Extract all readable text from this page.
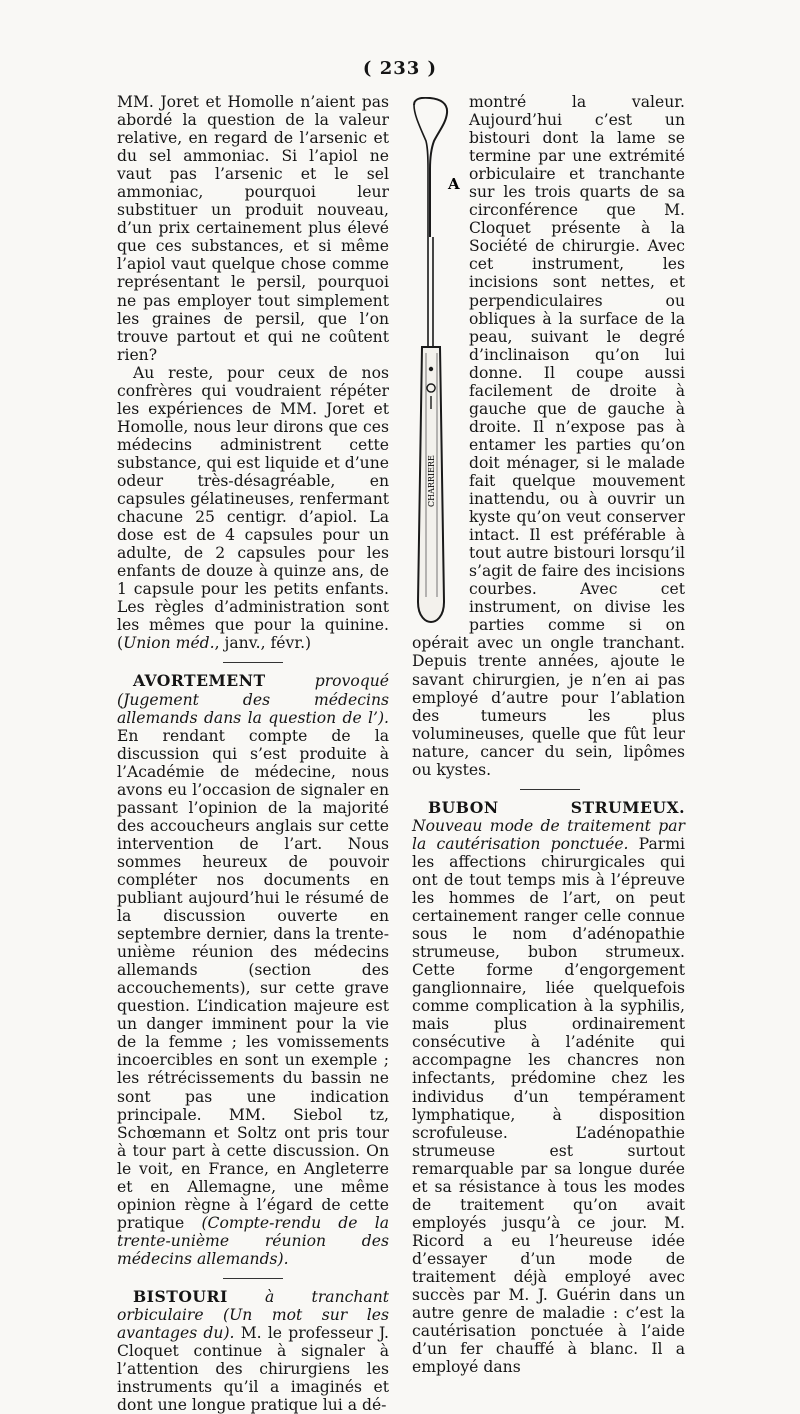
( 233 )

MM. Joret et Homolle n’aient pas abordé la question de la valeur relative, en regard de l’arsenic et du sel ammoniac. Si l’apiol ne vaut pas l’arsenic et le sel ammoniac, pourquoi leur substituer un produit nouveau, d’un prix certainement plus élevé que ces substances, et si même l’apiol vaut quelque chose comme représentant le persil, pourquoi ne pas employer tout simplement les graines de persil, que l’on trouve partout et qui ne coûtent rien?

Au reste, pour ceux de nos confrères qui voudraient répéter les expériences de MM. Joret et Homolle, nous leur dirons que ces médecins administrent cette substance, qui est liquide et d’une odeur très-désagréable, en capsules gélatineuses, renfermant chacune 25 centigr. d’apiol. La dose est de 4 capsules pour un adulte, de 2 capsules pour les enfants de douze à quinze ans, de 1 capsule pour les petits enfants. Les règles d’administration sont les mêmes que pour la quinine. (Union méd., janv., févr.)

AVORTEMENT provoqué (Jugement des médecins allemands dans la question de l’). En rendant compte de la discussion qui s’est produite à l’Académie de médecine, nous avons eu l’occasion de signaler en passant l’opinion de la majorité des accoucheurs anglais sur cette intervention de l’art. Nous sommes heureux de pouvoir compléter nos documents en publiant aujourd’hui le résumé de la discussion ouverte en septembre dernier, dans la trente-unième réunion des médecins allemands (section des accouchements), sur cette grave question. L’indication majeure est un danger imminent pour la vie de la femme ; les vomissements incoercibles en sont un exemple ; les rétrécissements du bassin ne sont pas une indication principale. MM. Siebol tz, Schœmann et Soltz ont pris tour à tour part à cette discussion. On le voit, en France, en Angleterre et en Allemagne, une même opinion règne à l’égard de cette pratique (Compte-rendu de la trente-unième réunion des médecins allemands).

BISTOURI à tranchant orbiculaire (Un mot sur les avantages du). M. le professeur J. Cloquet continue à signaler à l’attention des chirurgiens les instruments qu’il a imaginés et dont une longue pratique lui a dé-

A
CHARRIERE
montré la valeur. Aujourd’hui c’est un bistouri dont la lame se termine par une extrémité orbiculaire et tranchante sur les trois quarts de sa circonférence que M. Cloquet présente à la Société de chirurgie. Avec cet instrument, les incisions sont nettes, et perpendiculaires ou obliques à la surface de la peau, suivant le degré d’inclinaison qu’on lui donne. Il coupe aussi facilement de droite à gauche que de gauche à droite. Il n’expose pas à entamer les parties qu’on doit ménager, si le malade fait quelque mouvement inattendu, ou à ouvrir un kyste qu’on veut conserver intact. Il est préférable à tout autre bistouri lorsqu’il s’agit de faire des incisions courbes. Avec cet instrument, on divise les parties comme si on opérait avec un ongle tranchant. Depuis trente années, ajoute le savant chirurgien, je n’en ai pas employé d’autre pour l’ablation des tumeurs les plus volumineuses, quelle que fût leur nature, cancer du sein, lipômes ou kystes.

BUBON STRUMEUX. Nouveau mode de traitement par la cautérisation ponctuée. Parmi les affections chirurgicales qui ont de tout temps mis à l’épreuve les hommes de l’art, on peut certainement ranger celle connue sous le nom d’adénopathie strumeuse, bubon strumeux. Cette forme d’engorgement ganglionnaire, liée quelquefois comme complication à la syphilis, mais plus ordinairement consécutive à l’adénite qui accompagne les chancres non infectants, prédomine chez les individus d’un tempérament lymphatique, à disposition scrofuleuse. L’adénopathie strumeuse est surtout remarquable par sa longue durée et sa résistance à tous les modes de traitement qu’on avait employés jusqu’à ce jour. M. Ricord a eu l’heureuse idée d’essayer d’un mode de traitement déjà employé avec succès par M. J. Guérin dans un autre genre de maladie : c’est la cautérisation ponctuée à l’aide d’un fer chauffé à blanc. Il a employé dans
